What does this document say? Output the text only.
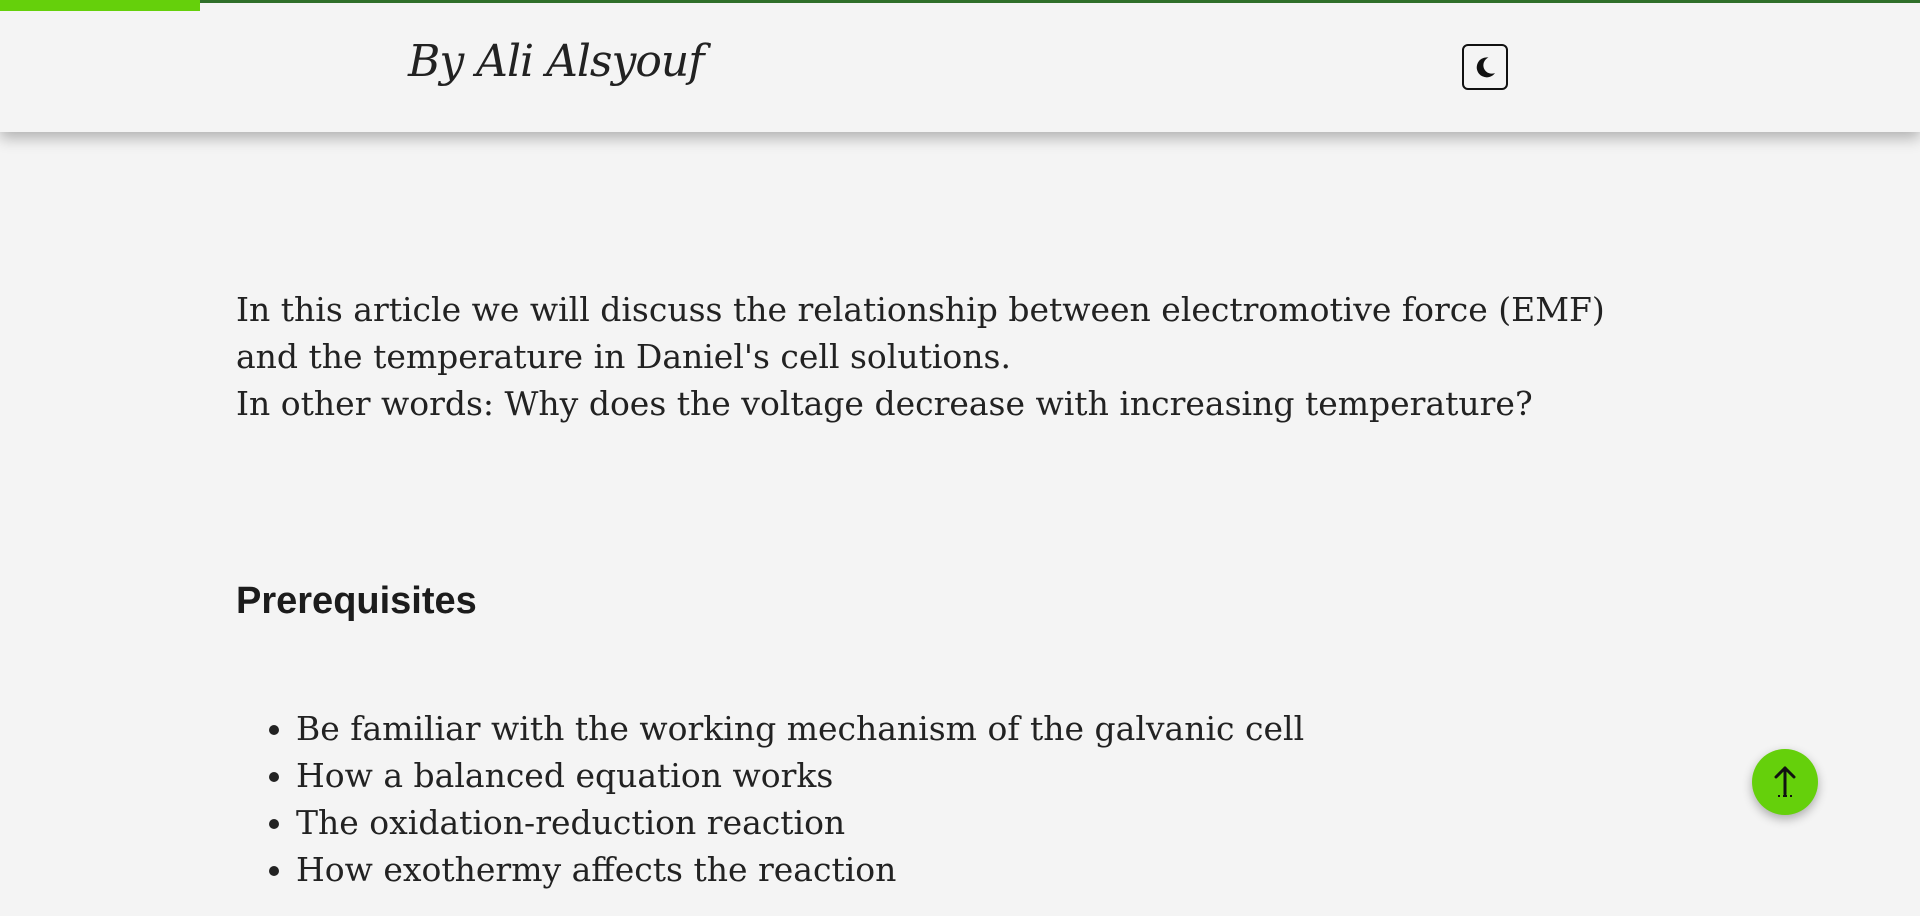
By Ali Alsyouf

In this article we will discuss the relationship between electromotive force (EMF) and the temperature in Daniel's cell solutions.

In other words: Why does the voltage decrease with increasing temperature?

Prerequisites
• Be familiar with the working mechanism of the galvanic cell
• How a balanced equation works
• The oxidation-reduction reaction
• How exothermy affects the reaction
